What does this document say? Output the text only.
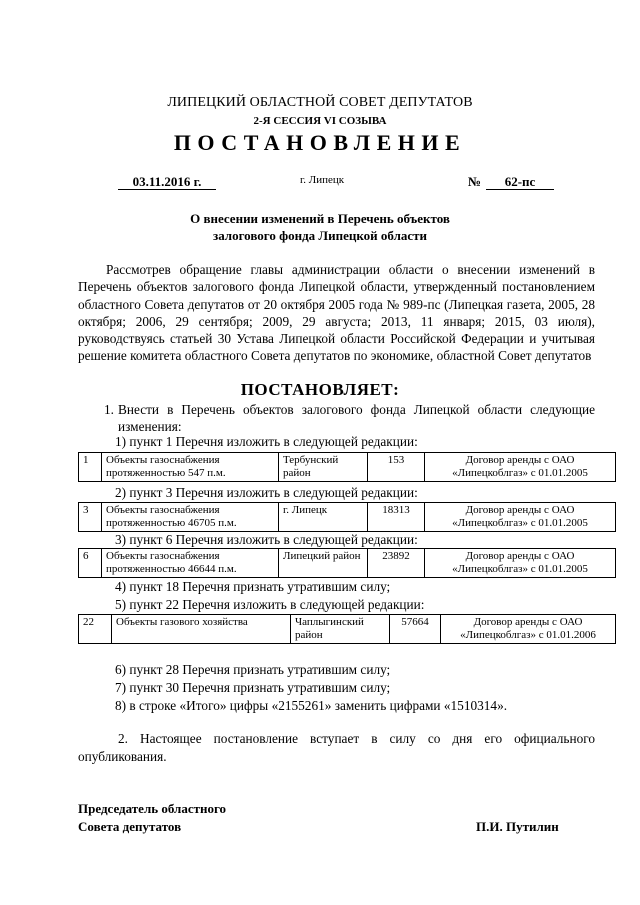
ЛИПЕЦКИЙ ОБЛАСТНОЙ СОВЕТ ДЕПУТАТОВ
2-Я СЕССИЯ VI СОЗЫВА
ПОСТАНОВЛЕНИЕ
03.11.2016 г.	г. Липецк	№	62-пс
О внесении изменений в Перечень объектов
залогового фонда Липецкой области
Рассмотрев обращение главы администрации области о внесении изменений в Перечень объектов залогового фонда Липецкой области, утвержденный постановлением областного Совета депутатов от 20 октября 2005 года № 989-пс (Липецкая газета, 2005, 28 октября; 2006, 29 сентября; 2009, 29 августа; 2013, 11 января; 2015, 03 июля), руководствуясь статьей 30 Устава Липецкой области Российской Федерации и учитывая решение комитета областного Совета депутатов по экономике, областной Совет депутатов
ПОСТАНОВЛЯЕТ:
1. Внести в Перечень объектов залогового фонда Липецкой области следующие изменения:
1) пункт 1 Перечня изложить в следующей редакции:
1	Объекты газоснабжения протяженностью 547 п.м.	Тербунский район	153	Договор аренды с ОАО «Липецкоблгаз» с 01.01.2005
2) пункт 3 Перечня изложить в следующей редакции:
3	Объекты газоснабжения протяженностью 46705 п.м.	г. Липецк	18313	Договор аренды с ОАО «Липецкоблгаз» с 01.01.2005
3) пункт 6 Перечня изложить в следующей редакции:
6	Объекты газоснабжения протяженностью 46644 п.м.	Липецкий район	23892	Договор аренды с ОАО «Липецкоблгаз» с 01.01.2005
4) пункт 18 Перечня признать утратившим силу;
5) пункт 22 Перечня изложить в следующей редакции:
22	Объекты газового хозяйства	Чаплыгинский район	57664	Договор аренды с ОАО «Липецкоблгаз» с 01.01.2006
6) пункт 28 Перечня признать утратившим силу;
7) пункт 30 Перечня признать утратившим силу;
8) в строке «Итого» цифры «2155261» заменить цифрами «1510314».
2. Настоящее постановление вступает в силу со дня его официального опубликования.
Председатель областного
Совета депутатов	П.И. Путилин
